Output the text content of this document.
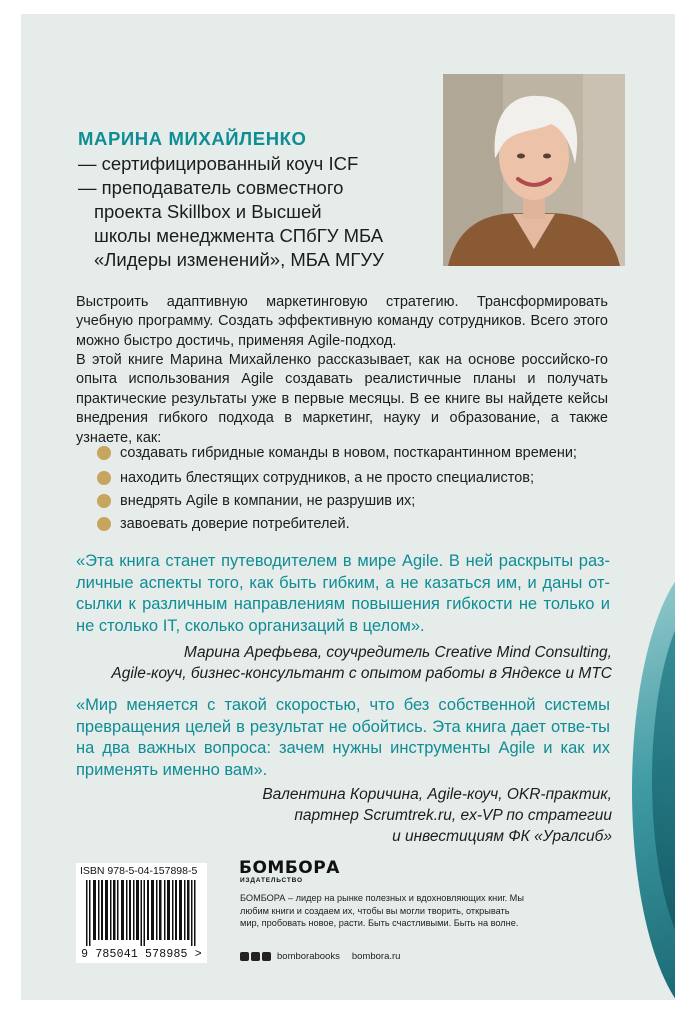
МАРИНА МИХАЙЛЕНКО
— сертифицированный коуч ICF
— преподаватель совместного
проекта Skillbox и Высшей
школы менеджмента СПбГУ МБА
«Лидеры изменений», МБА МГУУ
Выстроить адаптивную маркетинговую стратегию. Трансформировать учебную программу. Создать эффективную команду сотрудников. Всего этого можно быстро достичь, применяя Agile-подход.
В этой книге Марина Михайленко рассказывает, как на основе российско-го опыта использования Agile создавать реалистичные планы и получать практические результаты уже в первые месяцы. В ее книге вы найдете кейсы внедрения гибкого подхода в маркетинг, науку и образование, а также узнаете, как:
создавать гибридные команды в новом, посткарантинном времени;
находить блестящих сотрудников, а не просто специалистов;
внедрять Agile в компании, не разрушив их;
завоевать доверие потребителей.
«Эта книга станет путеводителем в мире Agile. В ней раскрыты раз-личные аспекты того, как быть гибким, а не казаться им, и даны от-сылки к различным направлениям повышения гибкости не только и не столько IT, сколько организаций в целом».
Марина Арефьева, соучредитель Creative Mind Consulting,
Agile-коуч, бизнес-консультант с опытом работы в Яндексе и МТС
«Мир меняется с такой скоростью, что без собственной системы превращения целей в результат не обойтись. Эта книга дает отве-ты на два важных вопроса: зачем нужны инструменты Agile и как их применять именно вам».
Валентина Коричина, Agile-коуч, OKR-практик,
партнер Scrumtrek.ru, ex-VP по стратегии
и инвестициям ФК «Уралсиб»
ISBN 978-5-04-157898-5
9 785041 578985 >
БОМБОРА
ИЗДАТЕЛЬСТВО
БОМБОРА – лидер на рынке полезных и вдохновляющих книг. Мы любим книги и создаем их, чтобы вы могли творить, открывать мир, пробовать новое, расти. Быть счастливыми. Быть на волне.
bomborabooks bombora.ru
